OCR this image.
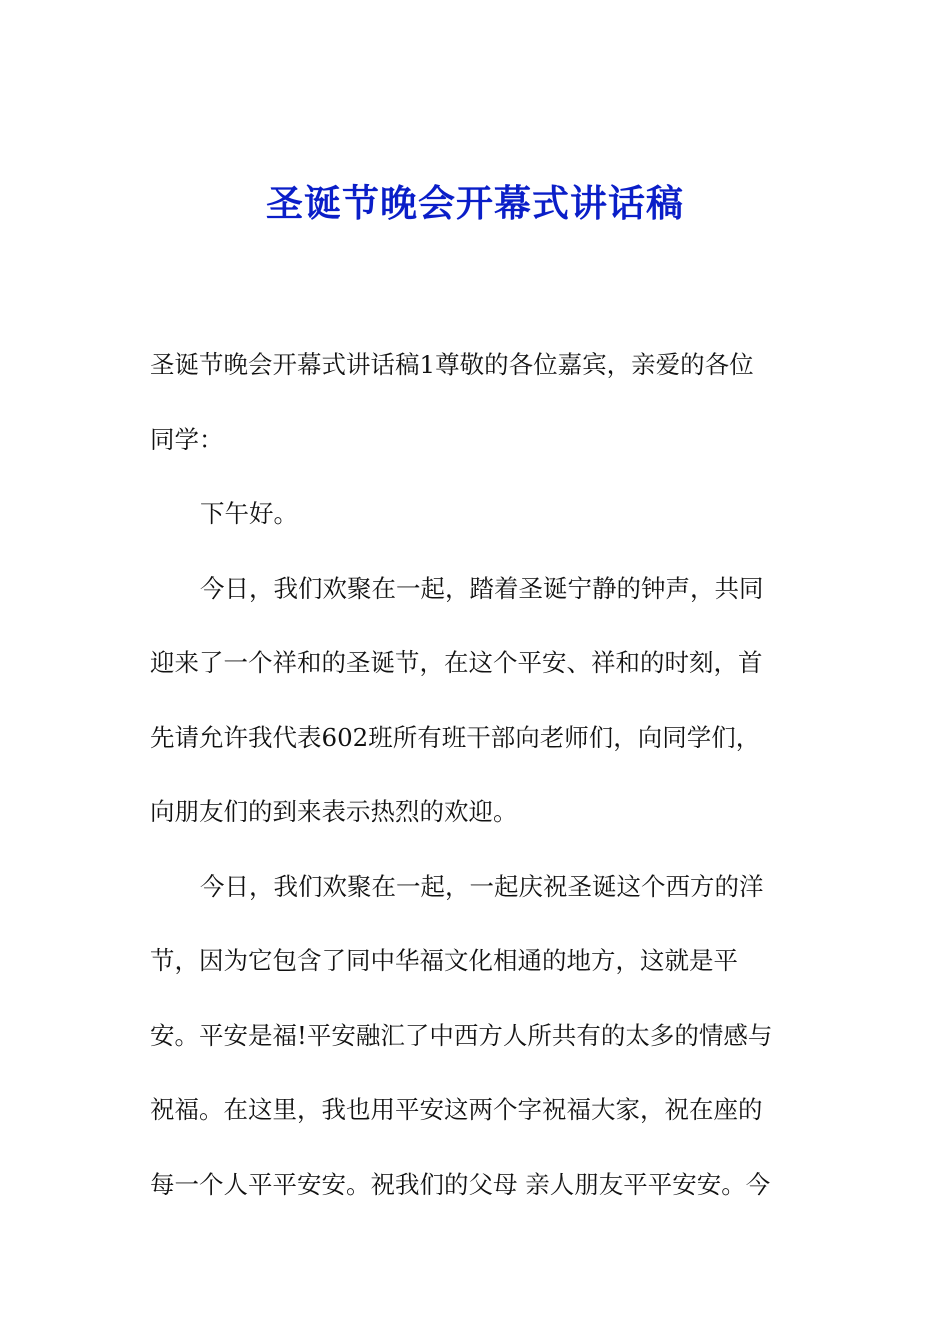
圣诞节晚会开幕式讲话稿
圣诞节晚会开幕式讲话稿1尊敬的各位嘉宾，亲爱的各位
同学：
下午好。
今日，我们欢聚在一起，踏着圣诞宁静的钟声，共同
迎来了一个祥和的圣诞节，在这个平安、祥和的时刻，首
先请允许我代表602班所有班干部向老师们，向同学们，
向朋友们的到来表示热烈的欢迎。
今日，我们欢聚在一起，一起庆祝圣诞这个西方的洋
节，因为它包含了同中华福文化相通的地方，这就是平
安。平安是福!平安融汇了中西方人所共有的太多的情感与
祝福。在这里，我也用平安这两个字祝福大家，祝在座的
每一个人平平安安。祝我们的父母 亲人朋友平平安安。今
